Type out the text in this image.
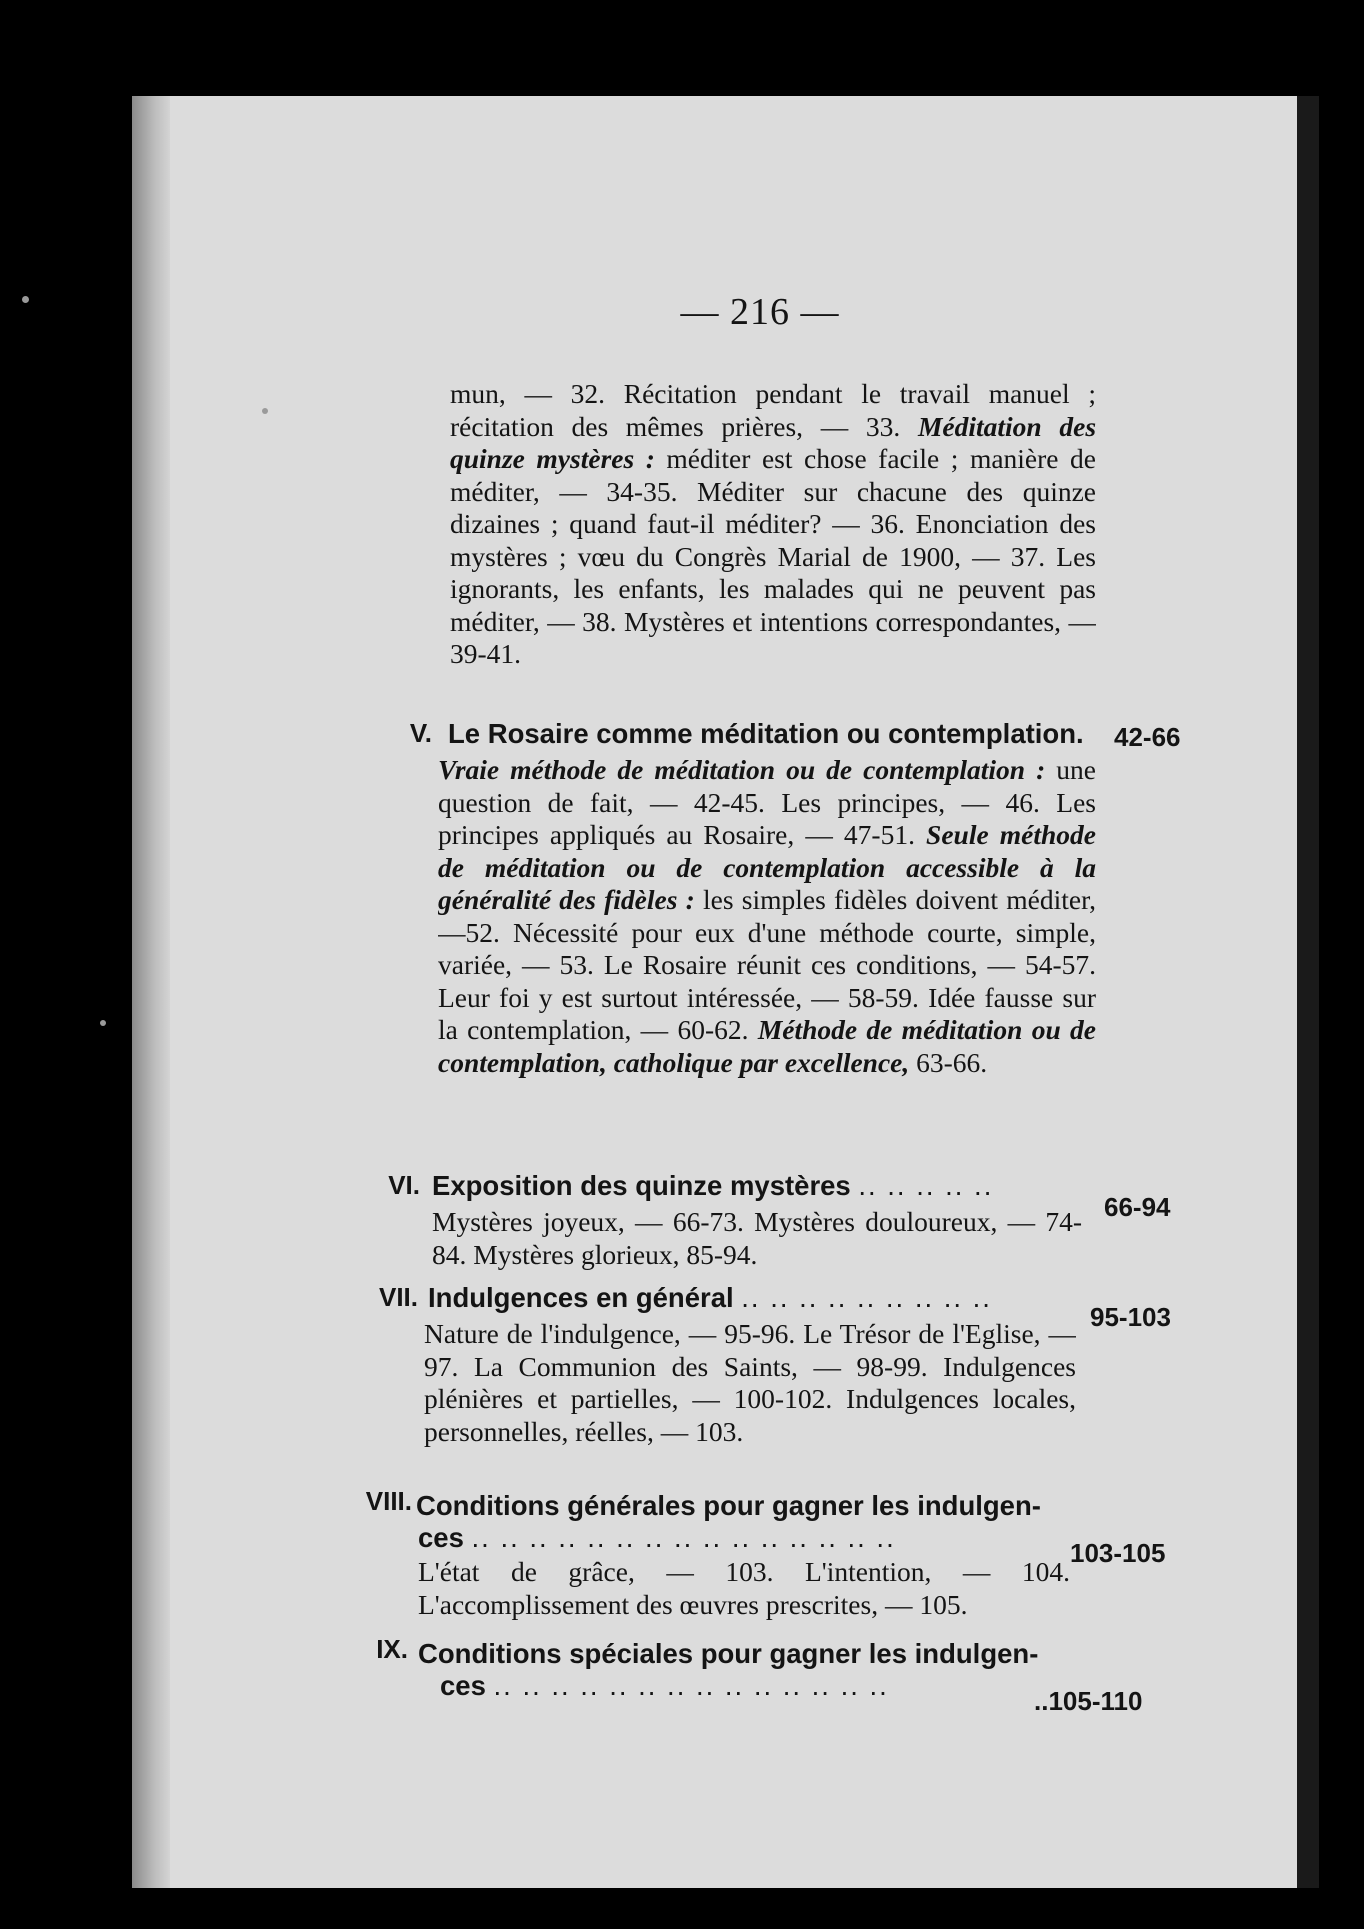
— 216 —

mun, — 32. Récitation pendant le travail manuel ; récitation des mêmes prières, — 33. Méditation des quinze mystères : méditer est chose facile ; manière de méditer, — 34-35. Méditer sur chacune des quinze dizaines ; quand faut-il méditer? — 36. Enonciation des mystères ; vœu du Congrès Marial de 1900, — 37. Les ignorants, les enfants, les malades qui ne peuvent pas méditer, — 38. Mystères et intentions correspondantes, — 39-41.

V. Le Rosaire comme méditation ou contemplation. 42-66

Vraie méthode de méditation ou de contemplation : une question de fait, — 42-45. Les principes, — 46. Les principes appliqués au Rosaire, — 47-51. Seule méthode de méditation ou de contemplation accessible à la généralité des fidèles : les simples fidèles doivent méditer,—52. Nécessité pour eux d'une méthode courte, simple, variée, — 53. Le Rosaire réunit ces conditions, — 54-57. Leur foi y est surtout intéressée, — 58-59. Idée fausse sur la contemplation, — 60-62. Méthode de méditation ou de contemplation, catholique par excellence, 63-66.

VI. Exposition des quinze mystères .. .. .. .. ..

66-94

Mystères joyeux, — 66-73. Mystères douloureux, — 74-84. Mystères glorieux, 85-94.

VII. Indulgences en général .. .. .. .. .. .. .. .. ..

95-103

Nature de l'indulgence, — 95-96. Le Trésor de l'Eglise, — 97. La Communion des Saints, — 98-99. Indulgences plénières et partielles, — 100-102. Indulgences locales, personnelles, réelles, — 103.

VIII. Conditions générales pour gagner les indulgen-

ces .. .. .. .. .. .. .. .. .. .. .. .. .. .. ..	103-105

L'état de grâce, — 103. L'intention, — 104. L'accomplissement des œuvres prescrites, — 105.

IX. Conditions spéciales pour gagner les indulgen-

ces .. .. .. .. .. .. .. .. .. .. .. .. .. ..	..105-110
